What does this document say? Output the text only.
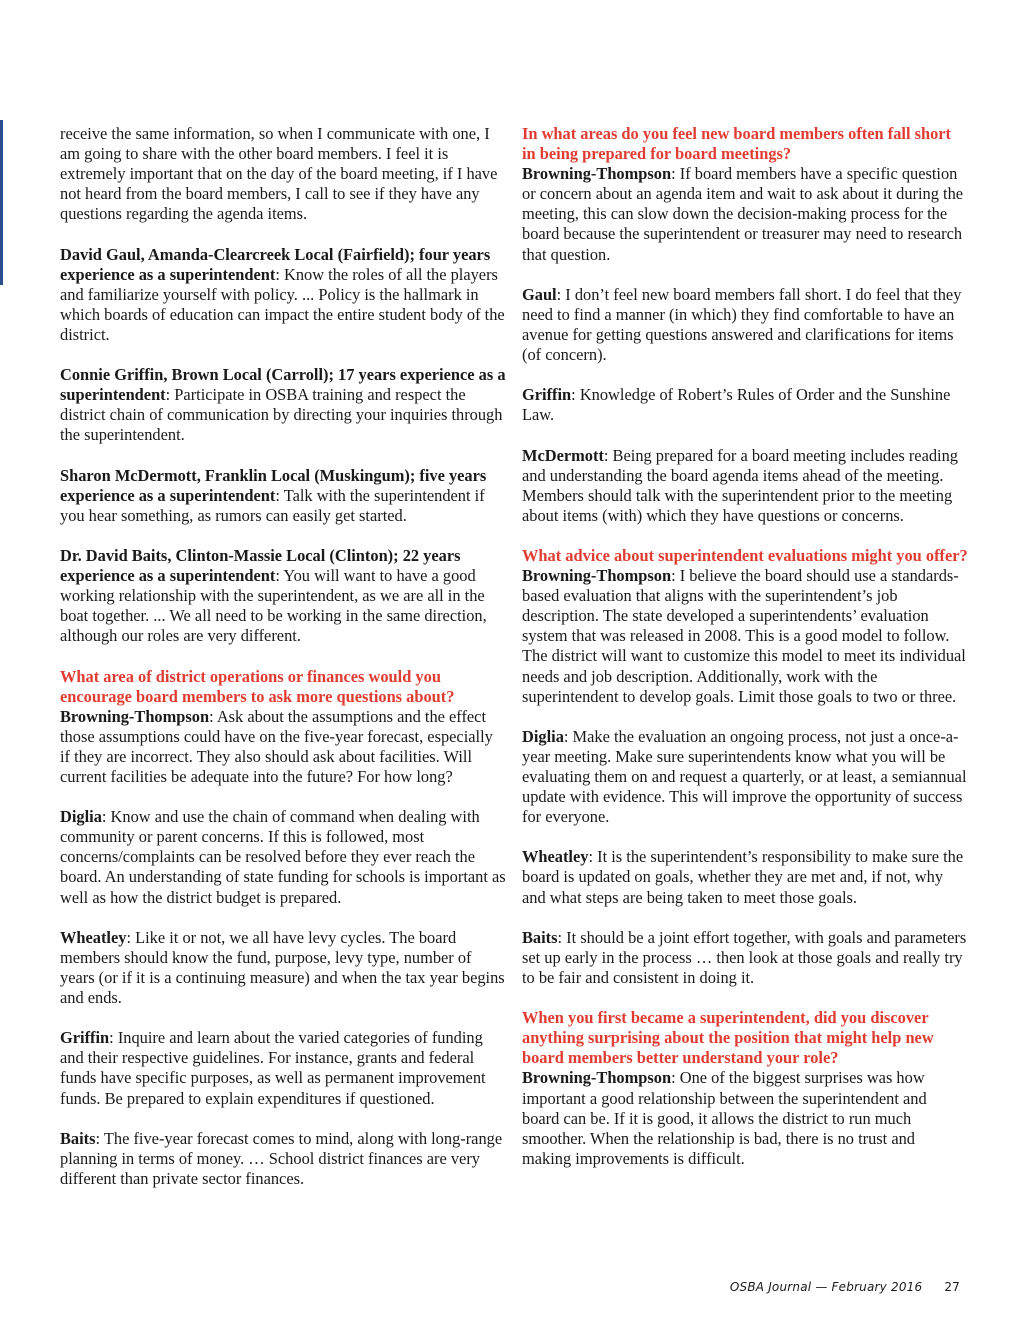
receive the same information, so when I communicate with one, I am going to share with the other board members. I feel it is extremely important that on the day of the board meeting, if I have not heard from the board members, I call to see if they have any questions regarding the agenda items.

David Gaul, Amanda-Clearcreek Local (Fairfield); four years experience as a superintendent: Know the roles of all the players and familiarize yourself with policy. ... Policy is the hallmark in which boards of education can impact the entire student body of the district.

Connie Griffin, Brown Local (Carroll); 17 years experience as a superintendent: Participate in OSBA training and respect the district chain of communication by directing your inquiries through the superintendent.

Sharon McDermott, Franklin Local (Muskingum); five years experience as a superintendent: Talk with the superintendent if you hear something, as rumors can easily get started.

Dr. David Baits, Clinton-Massie Local (Clinton); 22 years experience as a superintendent: You will want to have a good working relationship with the superintendent, as we are all in the boat together. ... We all need to be working in the same direction, although our roles are very different.

What area of district operations or finances would you encourage board members to ask more questions about?

Browning-Thompson: Ask about the assumptions and the effect those assumptions could have on the five-year forecast, especially if they are incorrect. They also should ask about facilities. Will current facilities be adequate into the future? For how long?

Diglia: Know and use the chain of command when dealing with community or parent concerns. If this is followed, most concerns/complaints can be resolved before they ever reach the board. An understanding of state funding for schools is important as well as how the district budget is prepared.

Wheatley: Like it or not, we all have levy cycles. The board members should know the fund, purpose, levy type, number of years (or if it is a continuing measure) and when the tax year begins and ends.

Griffin: Inquire and learn about the varied categories of funding and their respective guidelines. For instance, grants and federal funds have specific purposes, as well as permanent improvement funds. Be prepared to explain expenditures if questioned.

Baits: The five-year forecast comes to mind, along with long-range planning in terms of money. … School district finances are very different than private sector finances.

In what areas do you feel new board members often fall short in being prepared for board meetings?

Browning-Thompson: If board members have a specific question or concern about an agenda item and wait to ask about it during the meeting, this can slow down the decision-making process for the board because the superintendent or treasurer may need to research that question.

Gaul: I don’t feel new board members fall short. I do feel that they need to find a manner (in which) they find comfortable to have an avenue for getting questions answered and clarifications for items (of concern).

Griffin: Knowledge of Robert’s Rules of Order and the Sunshine Law.

McDermott: Being prepared for a board meeting includes reading and understanding the board agenda items ahead of the meeting. Members should talk with the superintendent prior to the meeting about items (with) which they have questions or concerns.

What advice about superintendent evaluations might you offer?

Browning-Thompson: I believe the board should use a standards-based evaluation that aligns with the superintendent’s job description. The state developed a superintendents’ evaluation system that was released in 2008. This is a good model to follow. The district will want to customize this model to meet its individual needs and job description. Additionally, work with the superintendent to develop goals. Limit those goals to two or three.

Diglia: Make the evaluation an ongoing process, not just a once-a-year meeting. Make sure superintendents know what you will be evaluating them on and request a quarterly, or at least, a semiannual update with evidence. This will improve the opportunity of success for everyone.

Wheatley: It is the superintendent’s responsibility to make sure the board is updated on goals, whether they are met and, if not, why and what steps are being taken to meet those goals.

Baits: It should be a joint effort together, with goals and parameters set up early in the process … then look at those goals and really try to be fair and consistent in doing it.

When you first became a superintendent, did you discover anything surprising about the position that might help new board members better understand your role?

Browning-Thompson: One of the biggest surprises was how important a good relationship between the superintendent and board can be. If it is good, it allows the district to run much smoother. When the relationship is bad, there is no trust and making improvements is difficult.

OSBA Journal — February 2016 27
